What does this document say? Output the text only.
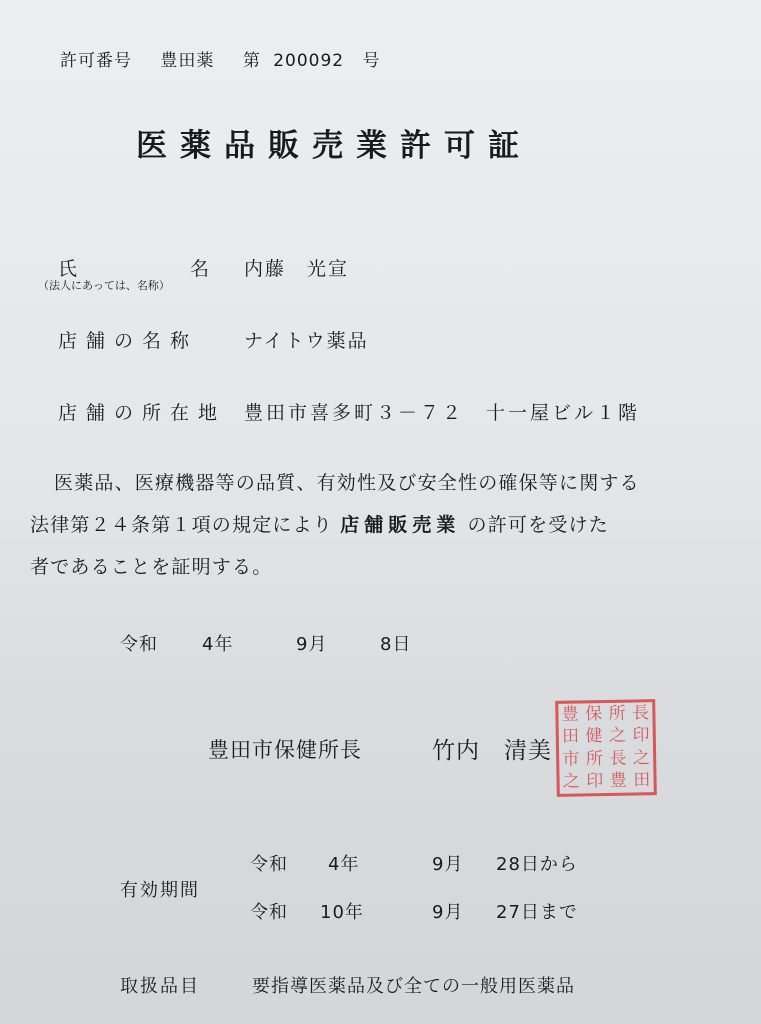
許可番号 豊田薬 第 200092 号
医薬品販売業許可証
氏	名
（法人にあっては、名称）
内藤　光宣
店舗の名称 ナイトウ薬品
店舗の所在地 豊田市喜多町３－７２　十一屋ビル１階
医薬品、医療機器等の品質、有効性及び安全性の確保等に関する
法律第２４条第１項の規定により 店舗販売業 の許可を受けた
者であることを証明する。
令和 4年	9月	8日
豊田市保健所長	竹内　清美
豊 保 所 長
田 健 之 印
市 所 長 之
之 印 豊 田
有効期間
令和 4年	9月 28日から
令和 10年	9月 27日まで
取扱品目	要指導医薬品及び全ての一般用医薬品
